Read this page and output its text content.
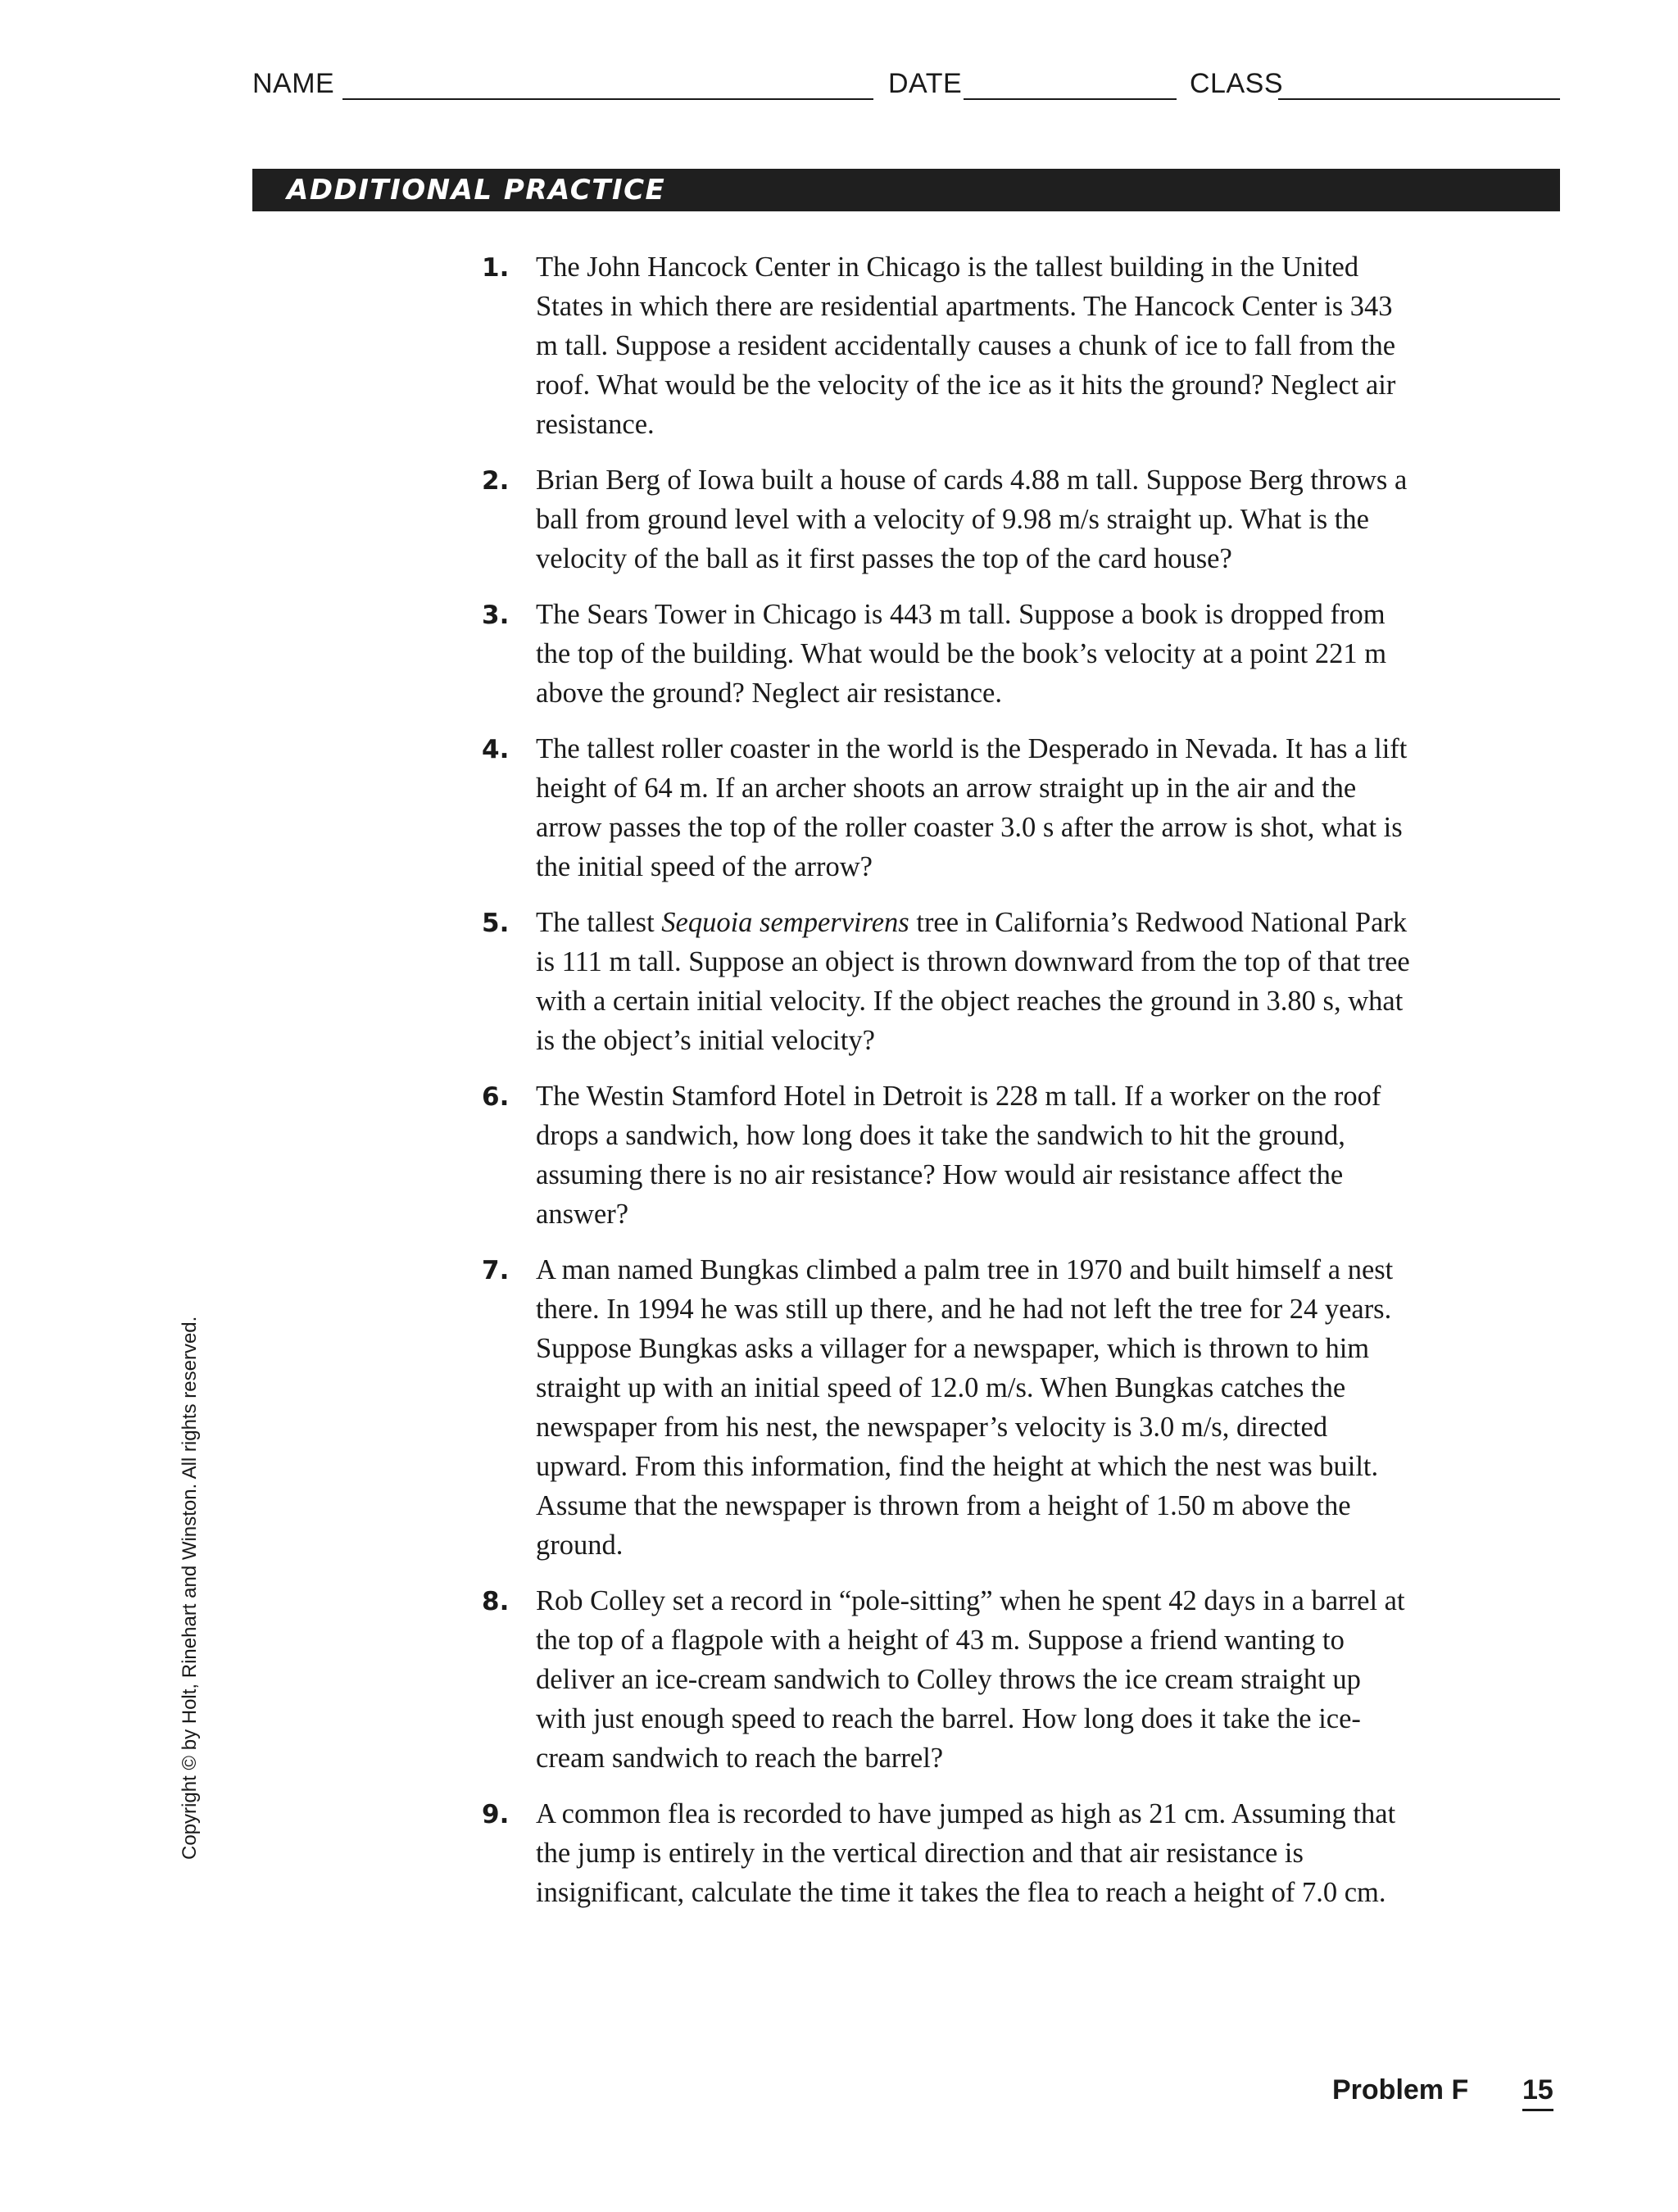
NAME	DATE	CLASS
ADDITIONAL PRACTICE
1. The John Hancock Center in Chicago is the tallest building in the United States in which there are residential apartments. The Hancock Center is 343 m tall. Suppose a resident accidentally causes a chunk of ice to fall from the roof. What would be the velocity of the ice as it hits the ground? Neglect air resistance.
2. Brian Berg of Iowa built a house of cards 4.88 m tall. Suppose Berg throws a ball from ground level with a velocity of 9.98 m/s straight up. What is the velocity of the ball as it first passes the top of the card house?
3. The Sears Tower in Chicago is 443 m tall. Suppose a book is dropped from the top of the building. What would be the book’s velocity at a point 221 m above the ground? Neglect air resistance.
4. The tallest roller coaster in the world is the Desperado in Nevada. It has a lift height of 64 m. If an archer shoots an arrow straight up in the air and the arrow passes the top of the roller coaster 3.0 s after the arrow is shot, what is the initial speed of the arrow?
5. The tallest Sequoia sempervirens tree in California’s Redwood National Park is 111 m tall. Suppose an object is thrown downward from the top of that tree with a certain initial velocity. If the object reaches the ground in 3.80 s, what is the object’s initial velocity?
6. The Westin Stamford Hotel in Detroit is 228 m tall. If a worker on the roof drops a sandwich, how long does it take the sandwich to hit the ground, assuming there is no air resistance? How would air resistance affect the answer?
7. A man named Bungkas climbed a palm tree in 1970 and built himself a nest there. In 1994 he was still up there, and he had not left the tree for 24 years. Suppose Bungkas asks a villager for a newspaper, which is thrown to him straight up with an initial speed of 12.0 m/s. When Bungkas catches the newspaper from his nest, the newspaper’s velocity is 3.0 m/s, directed upward. From this information, find the height at which the nest was built. Assume that the newspaper is thrown from a height of 1.50 m above the ground.
8. Rob Colley set a record in “pole-sitting” when he spent 42 days in a barrel at the top of a flagpole with a height of 43 m. Suppose a friend wanting to deliver an ice-cream sandwich to Colley throws the ice cream straight up with just enough speed to reach the barrel. How long does it take the ice-cream sandwich to reach the barrel?
9. A common flea is recorded to have jumped as high as 21 cm. Assuming that the jump is entirely in the vertical direction and that air resistance is insignificant, calculate the time it takes the flea to reach a height of 7.0 cm.
Copyright © by Holt, Rinehart and Winston. All rights reserved.
Problem F 15
